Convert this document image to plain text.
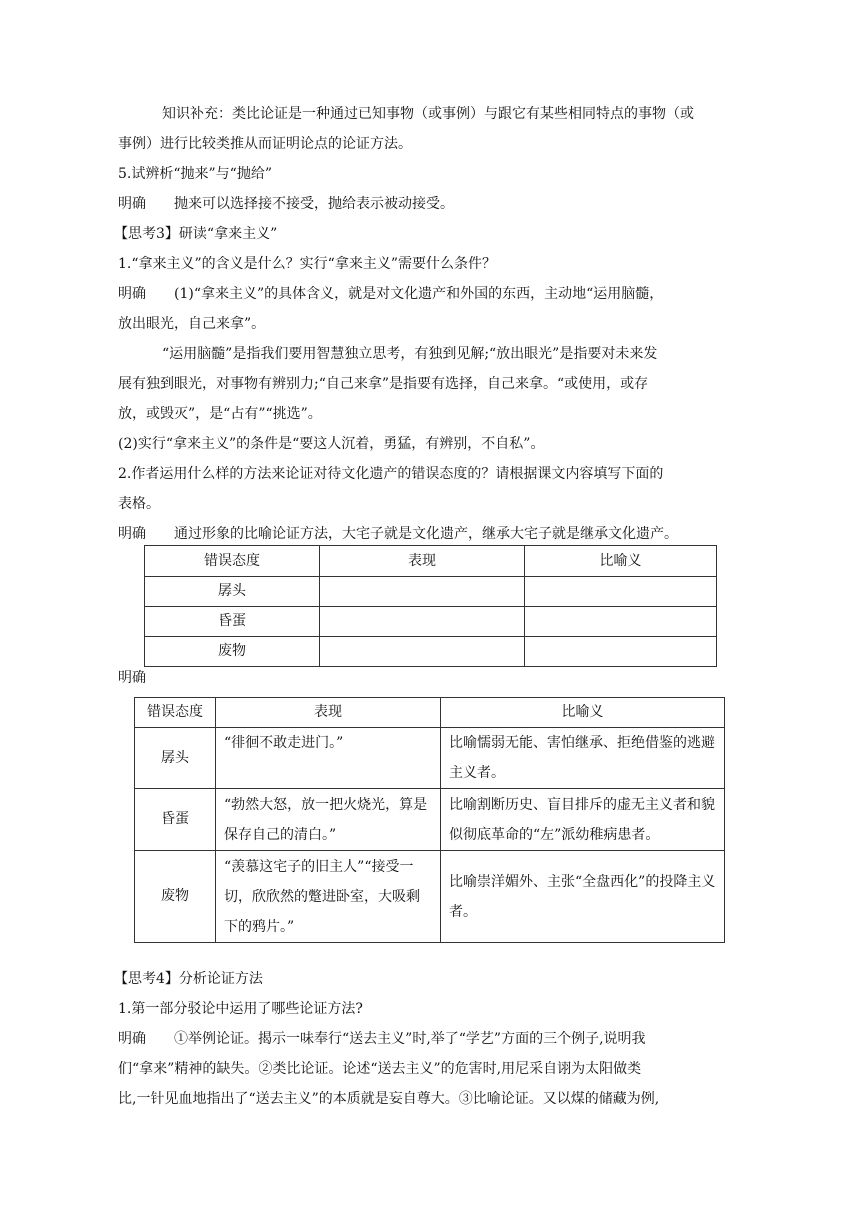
知识补充：类比论证是一种通过已知事物（或事例）与跟它有某些相同特点的事物（或
事例）进行比较类推从而证明论点的论证方法。
5.试辨析“抛来”与“抛给”
明确 抛来可以选择接不接受，抛给表示被动接受。
【思考3】研读“拿来主义”
1.“拿来主义”的含义是什么？实行“拿来主义”需要什么条件？
明确 (1)“拿来主义”的具体含义，就是对文化遗产和外国的东西，主动地“运用脑髓，
放出眼光，自己来拿”。
“运用脑髓”是指我们要用智慧独立思考，有独到见解;“放出眼光”是指要对未来发
展有独到眼光，对事物有辨别力;“自己来拿”是指要有选择，自己来拿。“或使用，或存
放，或毁灭”，是“占有”“挑选”。
(2)实行“拿来主义”的条件是“要这人沉着，勇猛，有辨别，不自私”。
2.作者运用什么样的方法来论证对待文化遗产的错误态度的？请根据课文内容填写下面的
表格。
明确 通过形象的比喻论证方法，大宅子就是文化遗产，继承大宅子就是继承文化遗产。
错误态度	表现	比喻义
孱头		
昏蛋		
废物		
明确
错误态度	表现	比喻义
孱头	“徘徊不敢走进门。”	比喻懦弱无能、害怕继承、拒绝借鉴的逃避主义者。
昏蛋	“勃然大怒，放一把火烧光，算是保存自己的清白。”	比喻割断历史、盲目排斥的虚无主义者和貌似彻底革命的“左”派幼稚病患者。
废物	“羡慕这宅子的旧主人”“接受一切，欣欣然的蹩进卧室，大吸剩下的鸦片。”	比喻崇洋媚外、主张“全盘西化”的投降主义者。
【思考4】分析论证方法
1.第一部分驳论中运用了哪些论证方法?
明确 ①举例论证。揭示一味奉行“送去主义”时,举了“学艺”方面的三个例子,说明我
们“拿来”精神的缺失。②类比论证。论述“送去主义”的危害时,用尼采自诩为太阳做类
比,一针见血地指出了“送去主义”的本质就是妄自尊大。③比喻论证。又以煤的储藏为例,
